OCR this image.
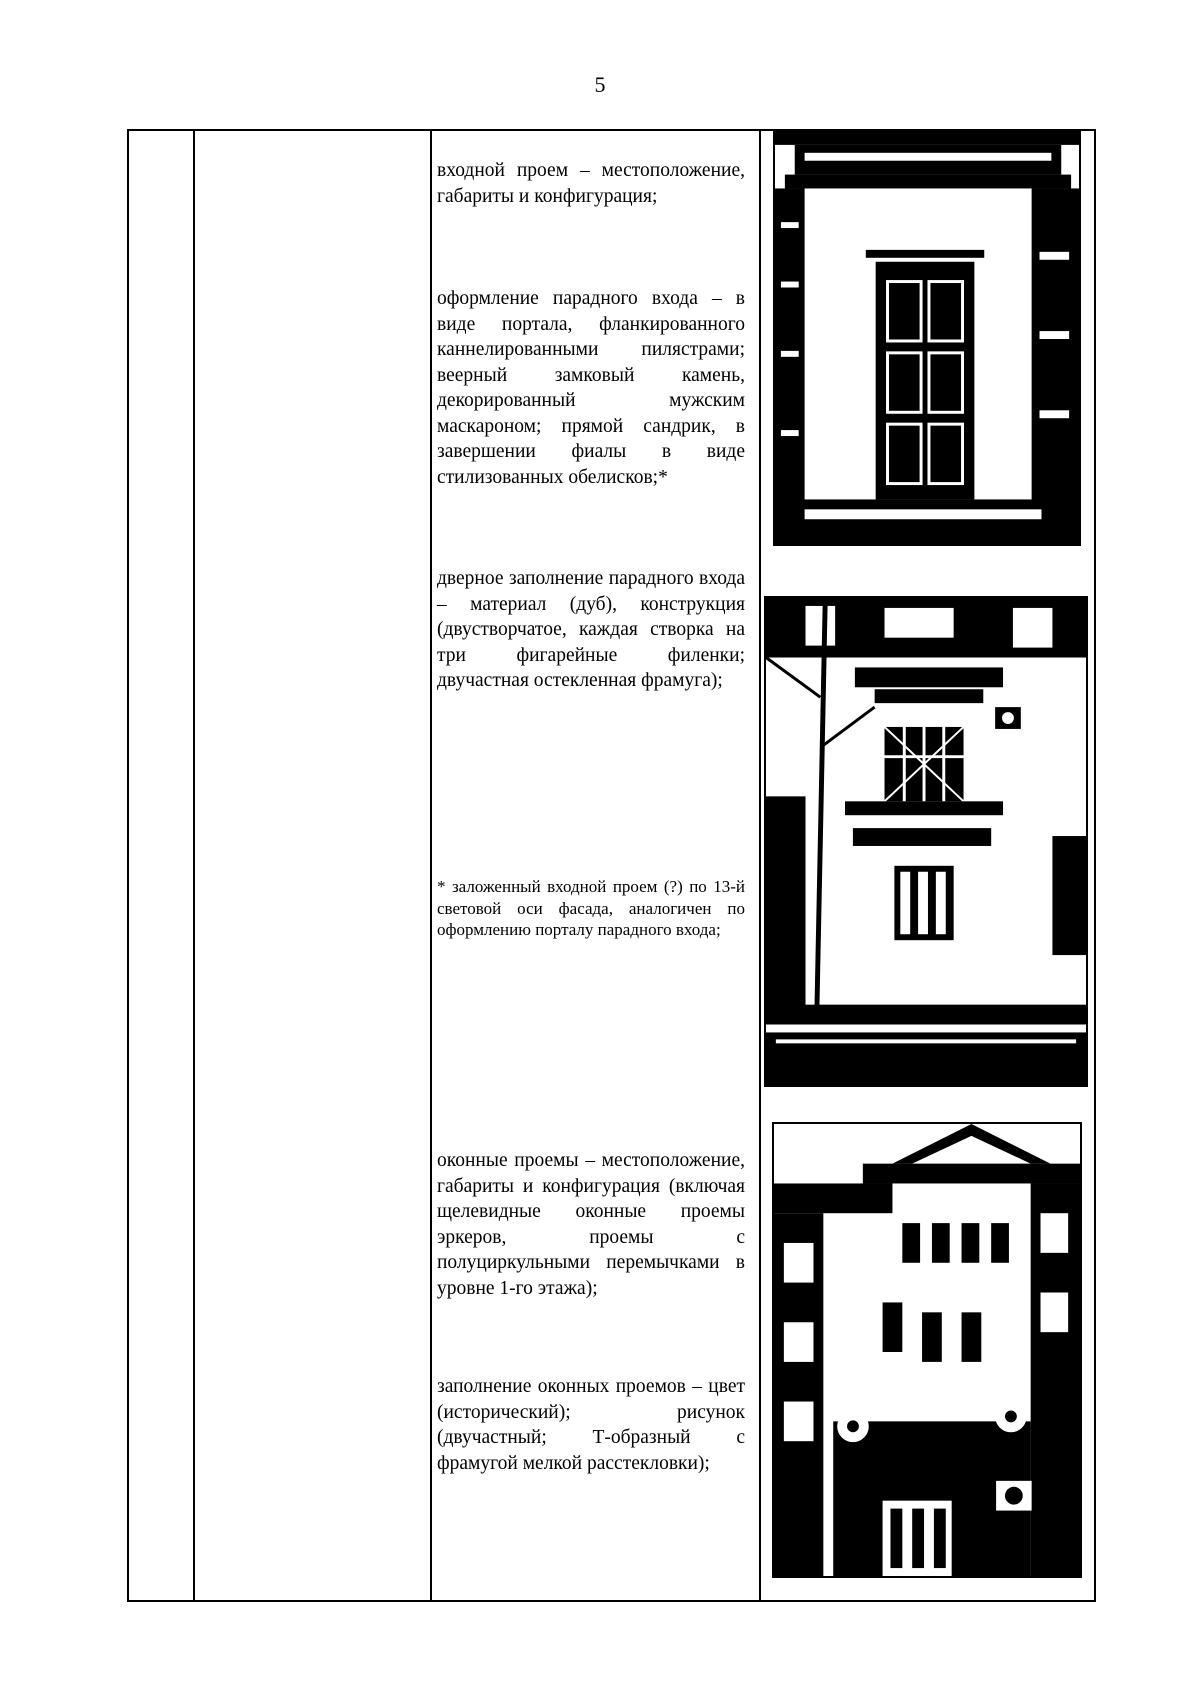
5

входной проем – местоположение, габариты и конфигурация;

оформление парадного входа – в виде портала, фланкированного каннелированными пилястрами; веерный замковый камень, декорированный мужским маскароном; прямой сандрик, в завершении фиалы в виде стилизованных обелисков;*

дверное заполнение парадного входа – материал (дуб), конструкция (двустворчатое, каждая створка на три фигарейные филенки; двучастная остекленная фрамуга);

* заложенный входной проем (?) по 13-й световой оси фасада, аналогичен по оформлению порталу парадного входа;

оконные проемы – местоположение, габариты и конфигурация (включая щелевидные оконные проемы эркеров, проемы с полуциркульными перемычками в уровне 1-го этажа);

заполнение оконных проемов – цвет (исторический); рисунок (двучастный; Т-образный с фрамугой мелкой расстекловки);
